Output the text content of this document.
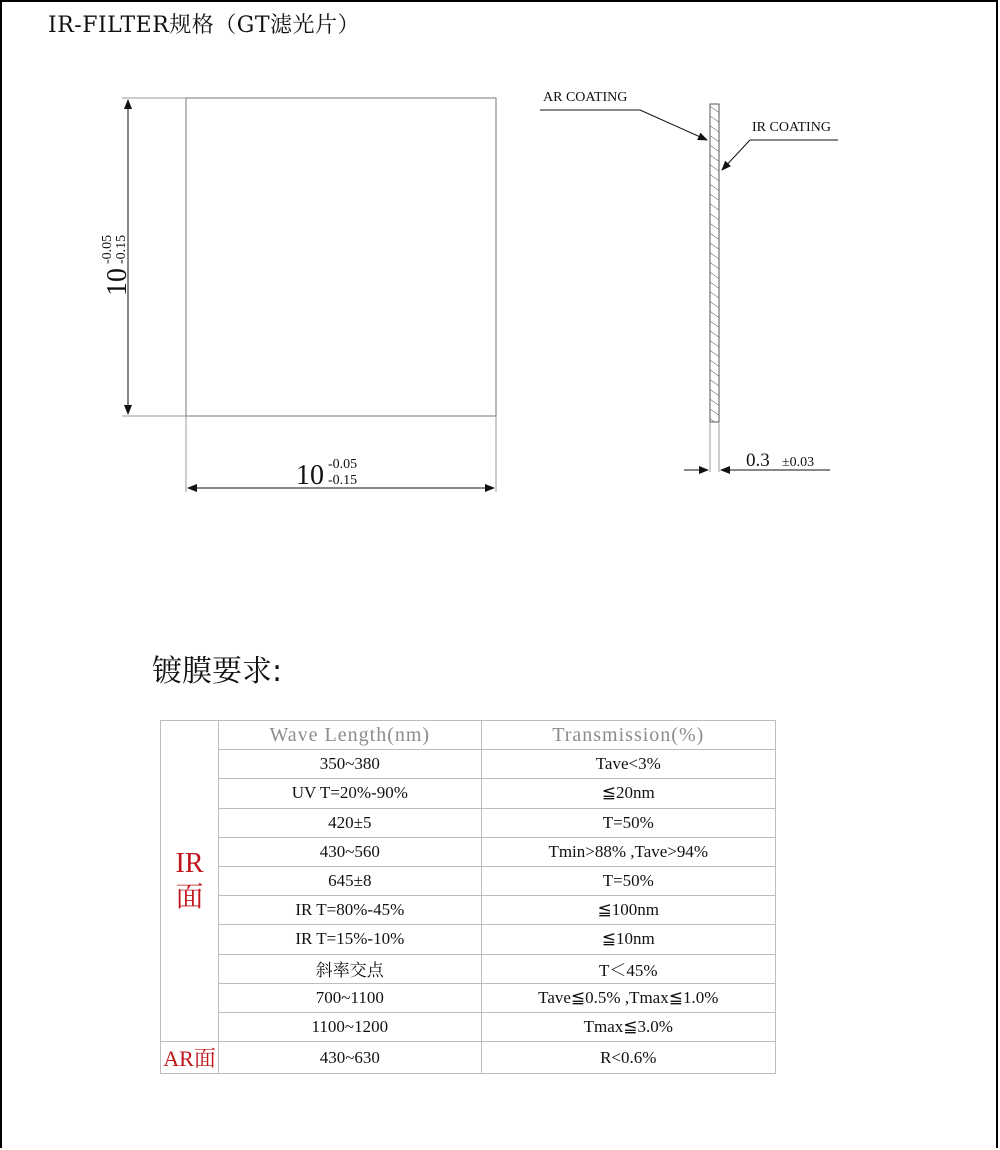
IR-FILTER规格（GT滤光片）
10
-0.05 -0.15
10 -0.05
-0.15
0.3 ±0.03
AR COATING
IR COATING
镀膜要求:
IR
面	Wave Length(nm)	Transmission(%)
	350~380	Tave<3%
	UV T=20%-90%	≦20nm
	420±5	T=50%
	430~560	Tmin>88% ,Tave>94%
	645±8	T=50%
	IR T=80%-45%	≦100nm
	IR T=15%-10%	≦10nm
	斜率交点	T＜45%
	700~1100	Tave≦0.5% ,Tmax≦1.0%
	1100~1200	Tmax≦3.0%
AR面	430~630	R<0.6%
